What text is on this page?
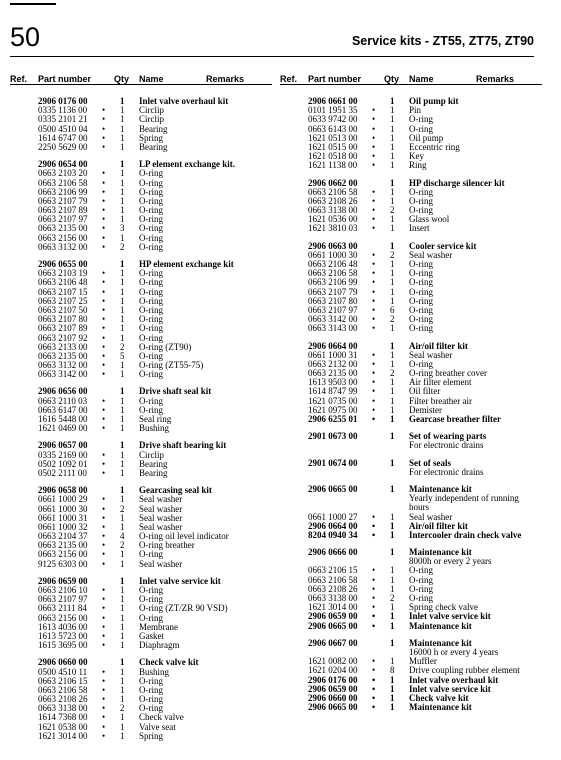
50	Service kits - ZT55, ZT75, ZT90
Ref. Part number	Qty Name	Remarks
2906 0176 00	1 Inlet valve overhaul kit
0335 1136 00 • 1 Circlip
0335 2101 21 • 1 Circlip
0500 4510 04 • 1 Bearing
1614 6747 00 • 1 Spring
2250 5629 00 • 1 Bearing
2906 0654 00	1 LP element exchange kit.
0663 2103 20 • 1 O-ring
0663 2106 58 • 1 O-ring
0663 2106 99 • 1 O-ring
0663 2107 79 • 1 O-ring
0663 2107 89 • 1 O-ring
0663 2107 97 • 1 O-ring
0663 2135 00 • 3 O-ring
0663 2156 00 • 1 O-ring
0663 3132 00 • 2 O-ring
2906 0655 00	1 HP element exchange kit
0663 2103 19 • 1 O-ring
0663 2106 48 • 1 O-ring
0663 2107 15 • 1 O-ring
0663 2107 25 • 1 O-ring
0663 2107 50 • 1 O-ring
0663 2107 80 • 1 O-ring
0663 2107 89 • 1 O-ring
0663 2107 92 • 1 O-ring
0663 2133 00 • 2 O-ring (ZT90)
0663 2135 00 • 5 O-ring
0663 3132 00 • 1 O-ring (ZT55-75)
0663 3142 00 • 1 O-ring
2906 0656 00	1 Drive shaft seal kit
0663 2110 03 • 1 O-ring
0663 6147 00 • 1 O-ring
1616 5448 00 • 1 Seal ring
1621 0469 00 • 1 Bushing
2906 0657 00	1 Drive shaft bearing kit
0335 2169 00 • 1 Circlip
0502 1092 01 • 1 Bearing
0502 2111 00 • 1 Bearing
2906 0658 00	1 Gearcasing seal kit
0661 1000 29 • 1 Seal washer
0661 1000 30 • 2 Seal washer
0661 1000 31 • 1 Seal washer
0661 1000 32 • 1 Seal washer
0663 2104 37 • 4 O-ring oil level indicator
0663 2135 00 • 2 O-ring breather
0663 2156 00 • 1 O-ring
9125 6303 00 • 1 Seal washer
2906 0659 00	1 Inlet valve service kit
0663 2106 10 • 1 O-ring
0663 2107 97 • 1 O-ring
0663 2111 84 • 1 O-ring (ZT/ZR 90 VSD)
0663 2156 00 • 1 O-ring
1613 4036 00 • 1 Membrane
1613 5723 00 • 1 Gasket
1615 3695 00 • 1 Diaphragm
2906 0660 00	1 Check valve kit
0500 4510 11 • 1 Bushing
0663 2106 15 • 1 O-ring
0663 2106 58 • 1 O-ring
0663 2108 26 • 1 O-ring
0663 3138 00 • 2 O-ring
1614 7368 00 • 1 Check valve
1621 0538 00 • 1 Valve seat
1621 3014 00 • 1 Spring
Ref. Part number	Qty Name	Remarks
2906 0661 00	1 Oil pump kit
0101 1951 35 • 1 Pin
0633 9742 00 • 1 O-ring
0663 6143 00 • 1 O-ring
1621 0513 00 • 1 Oil pump
1621 0515 00 • 1 Eccentric ring
1621 0518 00 • 1 Key
1621 1138 00 • 1 Ring
2906 0662 00	1 HP discharge silencer kit
0663 2106 58 • 1 O-ring
0663 2108 26 • 1 O-ring
0663 3138 00 • 2 O-ring
1621 0536 00 • 1 Glass wool
1621 3810 03 • 1 Insert
2906 0663 00	1 Cooler service kit
0661 1000 30 • 2 Seal washer
0663 2106 48 • 1 O-ring
0663 2106 58 • 1 O-ring
0663 2106 99 • 1 O-ring
0663 2107 79 • 1 O-ring
0663 2107 80 • 1 O-ring
0663 2107 97 • 6 O-ring
0663 3142 00 • 2 O-ring
0663 3143 00 • 1 O-ring
2906 0664 00	1 Air/oil filter kit
0661 1000 31 • 1 Seal washer
0663 2132 00 • 1 O-ring
0663 2135 00 • 2 O-ring breather cover
1613 9503 00 • 1 Air filter element
1614 8747 99 • 1 Oil filter
1621 0735 00 • 1 Filter breather air
1621 0975 00 • 1 Demister
2906 6255 01 • 1 Gearcase breather filter
2901 0673 00	1 Set of wearing parts
For electronic drains
2901 0674 00	1 Set of seals
For electronic drains
2906 0665 00	1 Maintenance kit
Yearly independent of running
hours
0661 1000 27 • 1 Seal washer
2906 0664 00 • 1 Air/oil filter kit
8204 0940 34 • 1 Intercooler drain check valve
2906 0666 00	1 Maintenance kit
8000h or every 2 years
0663 2106 15 • 1 O-ring
0663 2106 58 • 1 O-ring
0663 2108 26 • 1 O-ring
0663 3138 00 • 2 O-ring
1621 3014 00 • 1 Spring check valve
2906 0659 00 • 1 Inlet valve service kit
2906 0665 00 • 1 Maintenance kit
2906 0667 00	1 Maintenance kit
16000 h or every 4 years
1621 0082 00 • 1 Muffler
1621 0204 00 • 8 Drive coupling rubber element
2906 0176 00 • 1 Inlet valve overhaul kit
2906 0659 00 • 1 Inlet valve service kit
2906 0660 00 • 1 Check valve kit
2906 0665 00 • 1 Maintenance kit
